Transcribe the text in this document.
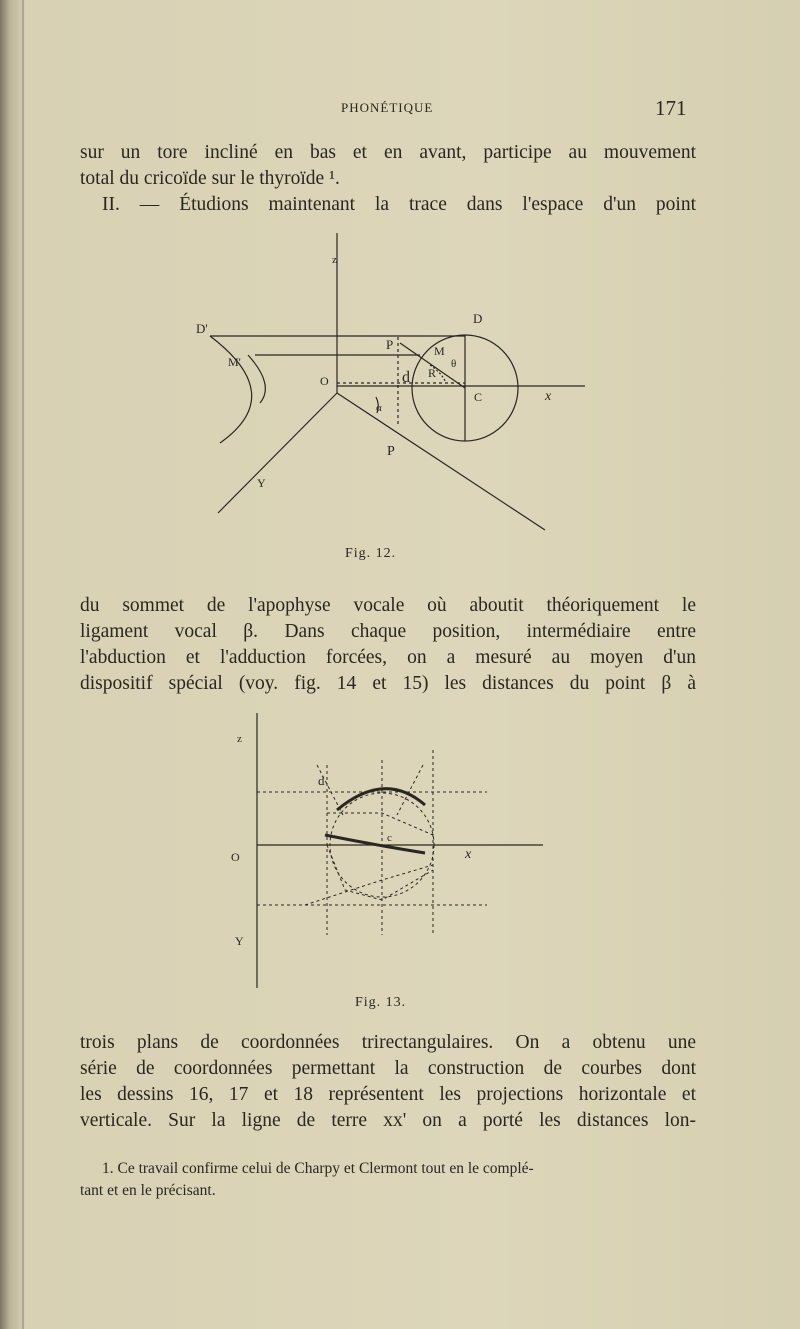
PHONÉTIQUE	171
sur un tore incliné en bas et en avant, participe au mouvement
total du cricoïde sur le thyroïde ¹.
II. — Étudions maintenant la trace dans l'espace d'un point
z
D
D'
M'
P	M
θ
d R
O
C	x
α
P
Y
Fig. 12.
du sommet de l'apophyse vocale où aboutit théoriquement le
ligament vocal β. Dans chaque position, intermédiaire entre
l'abduction et l'adduction forcées, on a mesuré au moyen d'un
dispositif spécial (voy. fig. 14 et 15) les distances du point β à
z
d
c
O	x
Y
Fig. 13.
trois plans de coordonnées trirectangulaires. On a obtenu une
série de coordonnées permettant la construction de courbes dont
les dessins 16, 17 et 18 représentent les projections horizontale et
verticale. Sur la ligne de terre xx' on a porté les distances lon-
1. Ce travail confirme celui de Charpy et Clermont tout en le complé-
tant et en le précisant.
